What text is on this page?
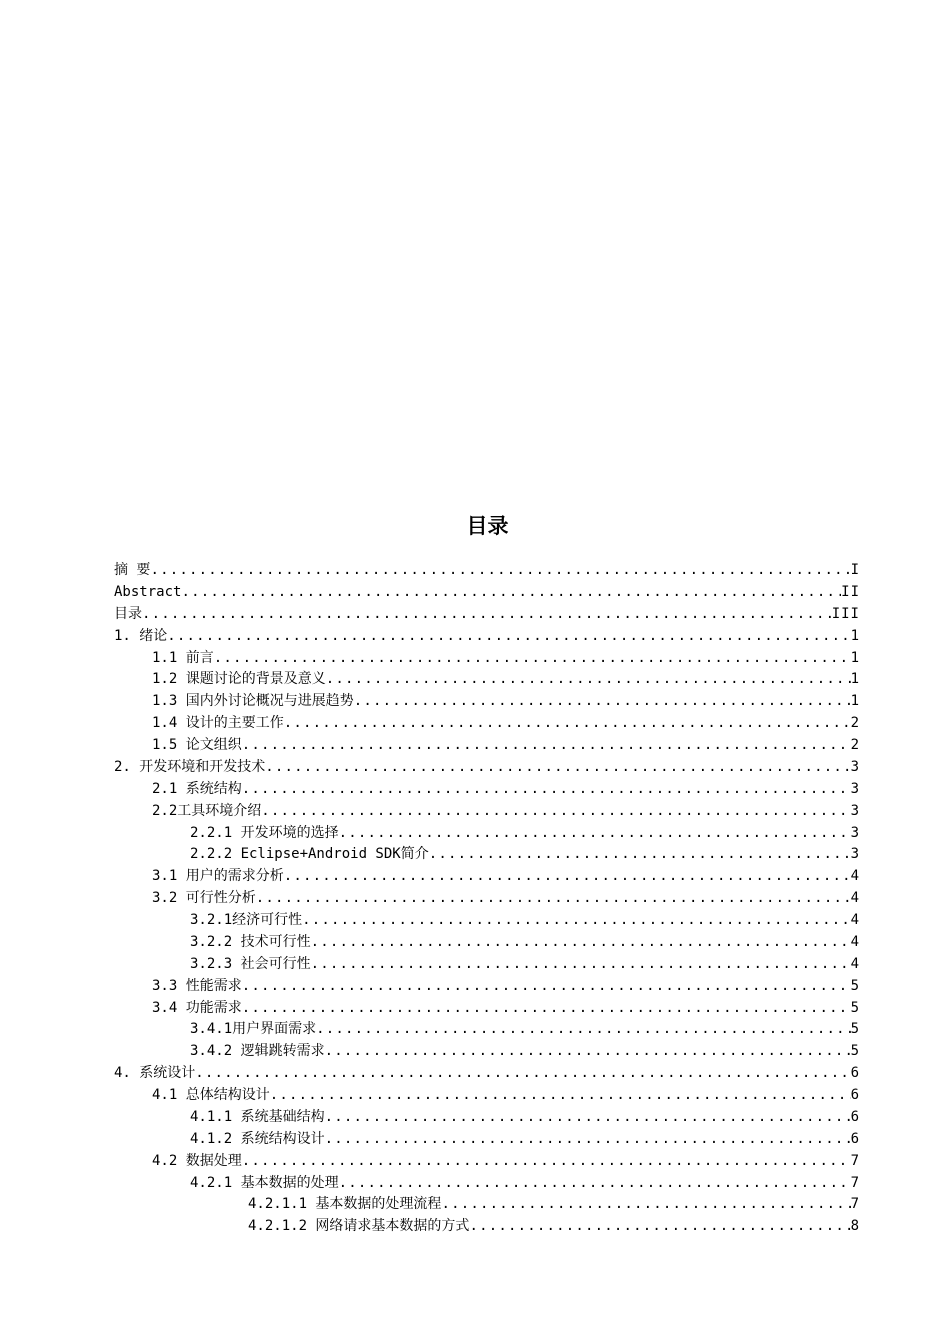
目录
摘 要 .....	I
Abstract .....	II
目录 .....	III
1. 绪论 .....	1
1.1 前言 .....	1
1.2 课题讨论的背景及意义 .....	1
1.3 国内外讨论概况与进展趋势 .....	1
1.4 设计的主要工作 .....	2
1.5 论文组织 .....	2
2. 开发环境和开发技术 .....	3
2.1 系统结构 .....	3
2.2工具环境介绍 .....	3
2.2.1 开发环境的选择 .....	3
2.2.2 Eclipse+Android SDK简介 .....	3
3.1 用户的需求分析 .....	4
3.2 可行性分析 .....	4
3.2.1经济可行性 .....	4
3.2.2 技术可行性 .....	4
3.2.3 社会可行性 .....	4
3.3 性能需求 .....	5
3.4 功能需求 .....	5
3.4.1用户界面需求 .....	5
3.4.2 逻辑跳转需求 .....	5
4. 系统设计 .....	6
4.1 总体结构设计 .....	6
4.1.1 系统基础结构 .....	6
4.1.2 系统结构设计 .....	6
4.2 数据处理 .....	7
4.2.1 基本数据的处理 .....	7
4.2.1.1 基本数据的处理流程 .....	7
4.2.1.2 网络请求基本数据的方式 .....	8
